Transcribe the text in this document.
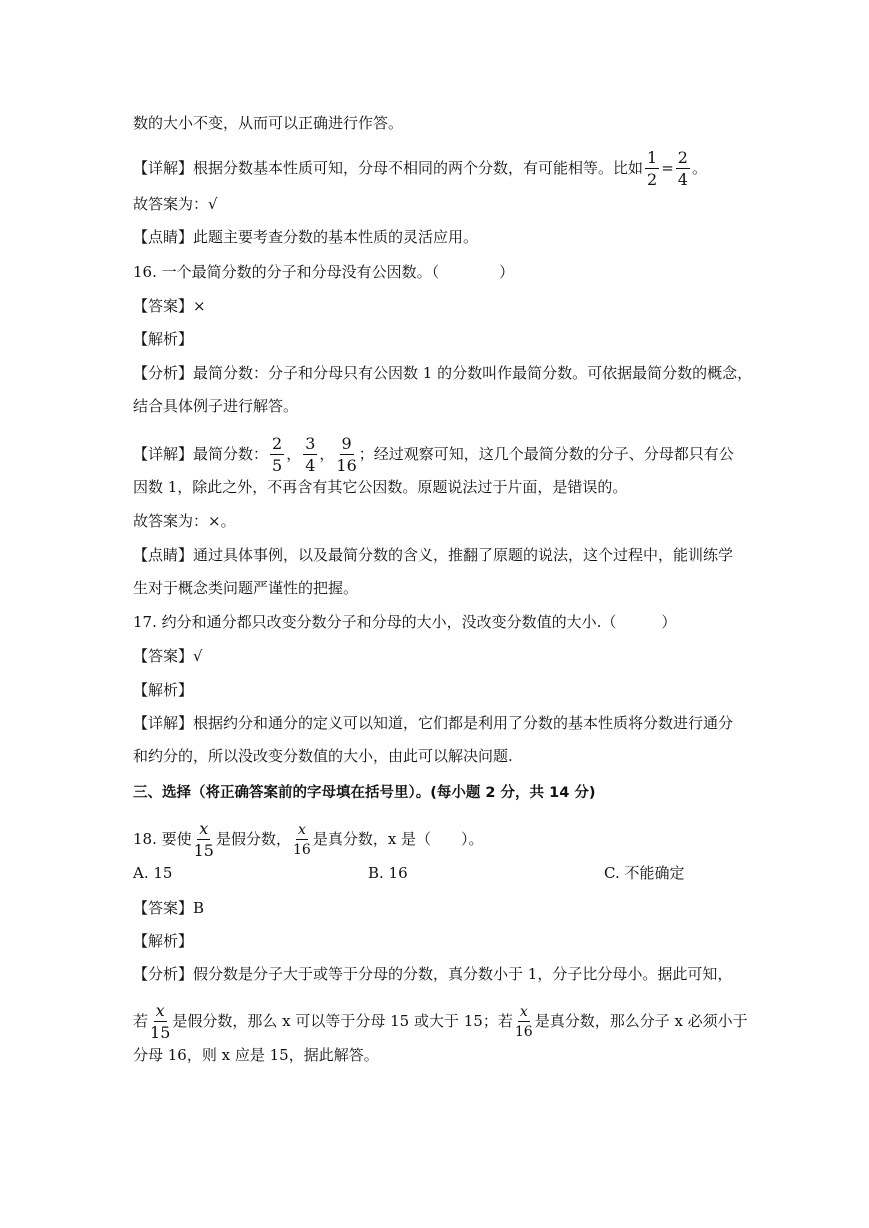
数的大小不变，从而可以正确进行作答。
【详解】根据分数基本性质可知，分母不相同的两个分数，有可能相等。比如 $\frac{1}{2} = \frac{2}{4}$ 。
故答案为：√
【点睛】此题主要考查分数的基本性质的灵活应用。
16. 一个最简分数的分子和分母没有公因数。（　　　　）
【答案】×
【解析】
【分析】最简分数：分子和分母只有公因数 1 的分数叫作最简分数。可依据最简分数的概念，
结合具体例子进行解答。
【详解】最简分数： $\frac{2}{5}$ ， $\frac{3}{4}$ ， $\frac{9}{16}$ ；经过观察可知，这几个最简分数的分子、分母都只有公
因数 1，除此之外，不再含有其它公因数。原题说法过于片面，是错误的。
故答案为：×。
【点睛】通过具体事例，以及最简分数的含义，推翻了原题的说法，这个过程中，能训练学
生对于概念类问题严谨性的把握。
17. 约分和通分都只改变分数分子和分母的大小，没改变分数值的大小.（　　　）
【答案】√
【解析】
【详解】根据约分和通分的定义可以知道，它们都是利用了分数的基本性质将分数进行通分
和约分的，所以没改变分数值的大小，由此可以解决问题.
三、选择（将正确答案前的字母填在括号里）。(每小题 2 分，共 14 分)
18. 要使 $\frac{x}{15}$ 是假分数， $\frac{x}{16}$ 是真分数，x 是（　　）。
A. 15	B. 16	C. 不能确定
【答案】B
【解析】
【分析】假分数是分子大于或等于分母的分数，真分数小于 1，分子比分母小。据此可知，
若 $\frac{x}{15}$ 是假分数，那么 x 可以等于分母 15 或大于 15；若 $\frac{x}{16}$ 是真分数，那么分子 x 必须小于
分母 16，则 x 应是 15，据此解答。
